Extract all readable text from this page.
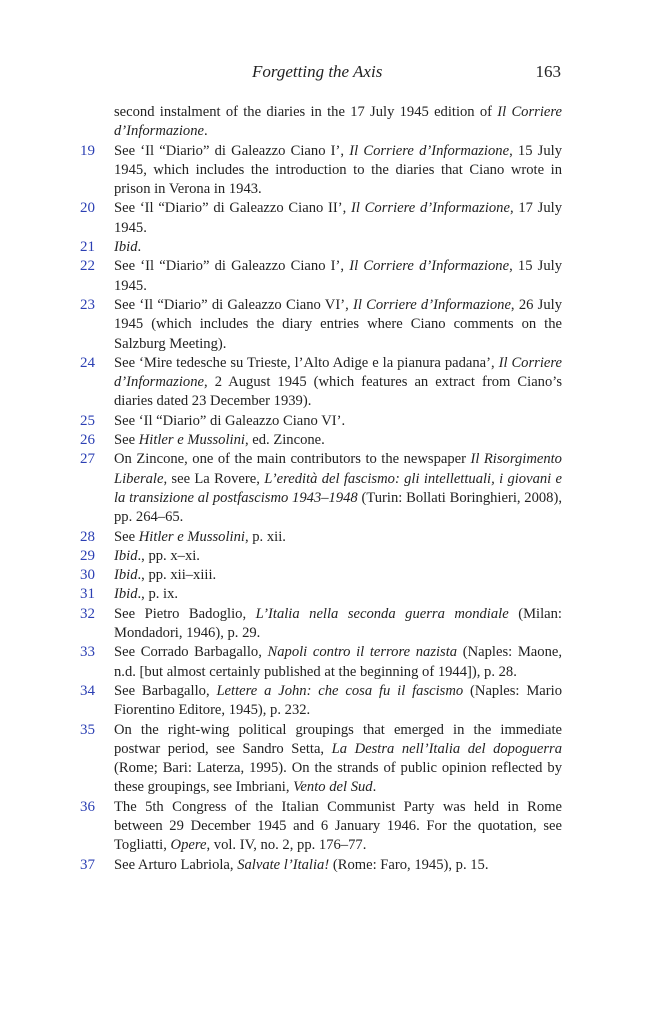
Forgetting the Axis	163
second instalment of the diaries in the 17 July 1945 edition of Il Corriere d’Informazione.
19	See ‘Il “Diario” di Galeazzo Ciano I’, Il Corriere d’Informazione, 15 July 1945, which includes the introduction to the diaries that Ciano wrote in prison in Verona in 1943.
20	See ‘Il “Diario” di Galeazzo Ciano II’, Il Corriere d’Informazione, 17 July 1945.
21	Ibid.
22	See ‘Il “Diario” di Galeazzo Ciano I’, Il Corriere d’Informazione, 15 July 1945.
23	See ‘Il “Diario” di Galeazzo Ciano VI’, Il Corriere d’Informazione, 26 July 1945 (which includes the diary entries where Ciano comments on the Salzburg Meeting).
24	See ‘Mire tedesche su Trieste, l’Alto Adige e la pianura padana’, Il Corriere d’Informazione, 2 August 1945 (which features an extract from Ciano’s diaries dated 23 December 1939).
25	See ‘Il “Diario” di Galeazzo Ciano VI’.
26	See Hitler e Mussolini, ed. Zincone.
27	On Zincone, one of the main contributors to the newspaper Il Risorgimento Liberale, see La Rovere, L’eredità del fascismo: gli intellettuali, i giovani e la transizione al postfascismo 1943–1948 (Turin: Bollati Boringhieri, 2008), pp. 264–65.
28	See Hitler e Mussolini, p. xii.
29	Ibid., pp. x–xi.
30	Ibid., pp. xii–xiii.
31	Ibid., p. ix.
32	See Pietro Badoglio, L’Italia nella seconda guerra mondiale (Milan: Mondadori, 1946), p. 29.
33	See Corrado Barbagallo, Napoli contro il terrore nazista (Naples: Maone, n.d. [but almost certainly published at the beginning of 1944]), p. 28.
34	See Barbagallo, Lettere a John: che cosa fu il fascismo (Naples: Mario Fiorentino Editore, 1945), p. 232.
35	On the right-wing political groupings that emerged in the immediate postwar period, see Sandro Setta, La Destra nell’Italia del dopoguerra (Rome; Bari: Laterza, 1995). On the strands of public opinion reflected by these groupings, see Imbriani, Vento del Sud.
36	The 5th Congress of the Italian Communist Party was held in Rome between 29 December 1945 and 6 January 1946. For the quotation, see Togliatti, Opere, vol. IV, no. 2, pp. 176–77.
37	See Arturo Labriola, Salvate l’Italia! (Rome: Faro, 1945), p. 15.
